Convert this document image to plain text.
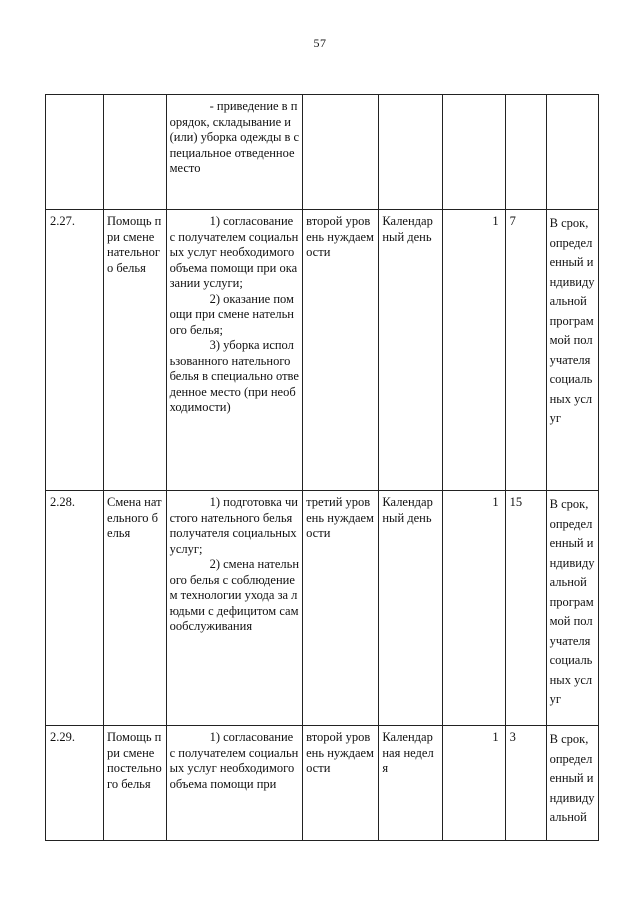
57

		- приведение в порядок, складывание и (или) уборка одежды в специальное отведенное место					

2.27.	Помощь при смене нательного белья	1) согласование с получателем социальных услуг необходимого объема помощи при оказании услуги;
2) оказание помощи при смене нательного белья;
3) уборка использованного нательного белья в специально отведенное место (при необходимости)	второй уровень нуждаемости	Календарный день	1	7	В срок, определенный индивидуальной программой получателя социальных услуг
2.28.	Смена нательного белья	1) подготовка чистого нательного белья получателя социальных услуг;
2) смена нательного белья с соблюдением технологии ухода за людьми с дефицитом самообслуживания	третий уровень нуждаемости	Календарный день	1	15	В срок, определенный индивидуальной программой получателя социальных услуг
2.29.	Помощь при смене постельного белья	1) согласование с получателем социальных услуг необходимого объема помощи при	второй уровень нуждаемости	Календарная неделя	1	3	В срок, определенный индивидуальной
